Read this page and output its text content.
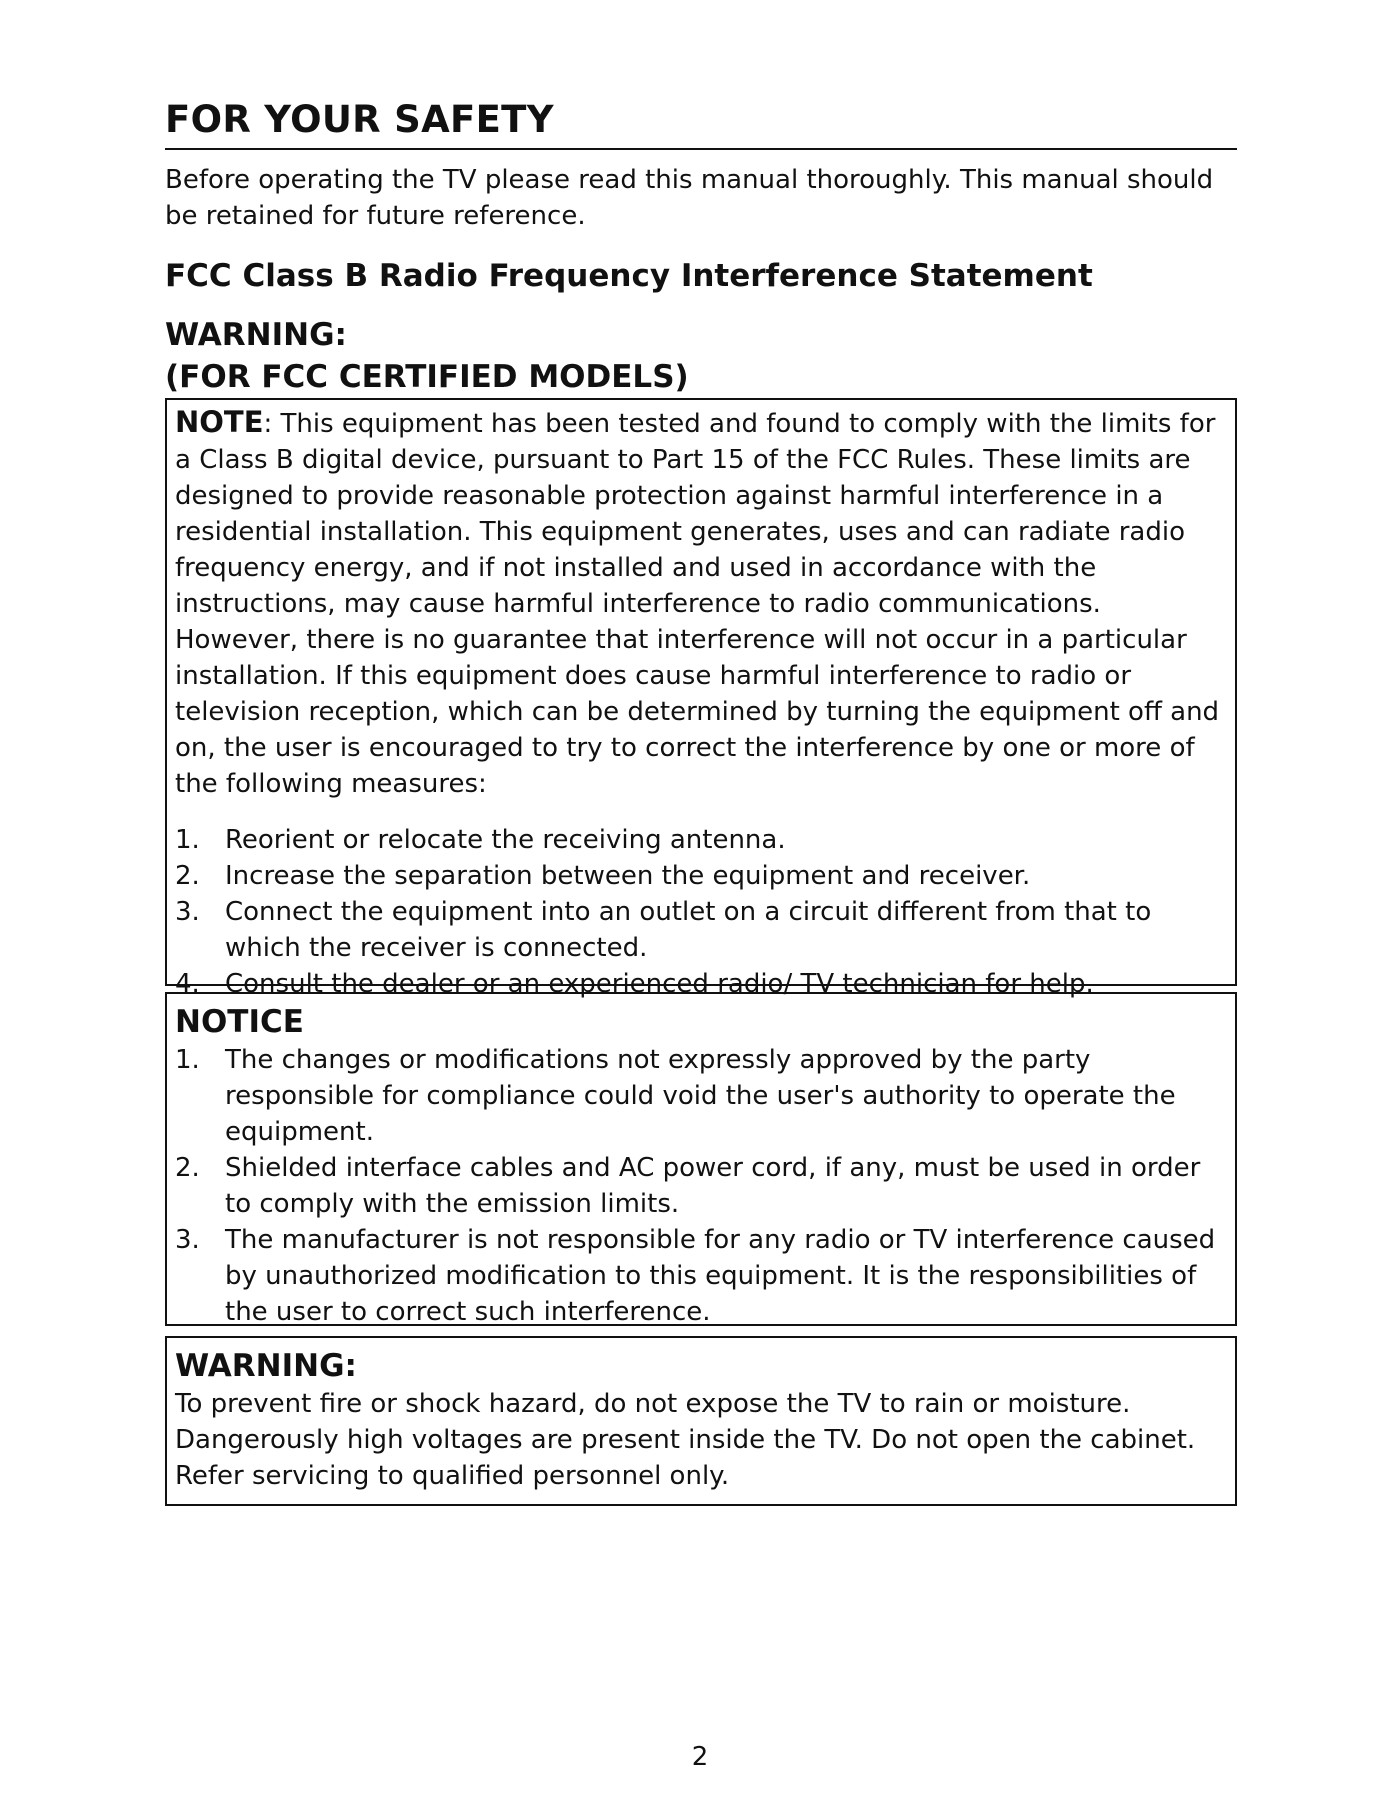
FOR YOUR SAFETY

Before operating the TV please read this manual thoroughly. This manual should be retained for future reference.

FCC Class B Radio Frequency Interference Statement
WARNING:
(FOR FCC CERTIFIED MODELS)

NOTE: This equipment has been tested and found to comply with the limits for a Class B digital device, pursuant to Part 15 of the FCC Rules. These limits are designed to provide reasonable protection against harmful interference in a residential installation. This equipment generates, uses and can radiate radio frequency energy, and if not installed and used in accordance with the instructions, may cause harmful interference to radio communications. However, there is no guarantee that interference will not occur in a particular installation. If this equipment does cause harmful interference to radio or television reception, which can be determined by turning the equipment off and on, the user is encouraged to try to correct the interference by one or more of the following measures:

1. Reorient or relocate the receiving antenna.
2. Increase the separation between the equipment and receiver.
3. Connect the equipment into an outlet on a circuit different from that to which the receiver is connected.
4. Consult the dealer or an experienced radio/ TV technician for help.
NOTICE
1. The changes or modifications not expressly approved by the party responsible for compliance could void the user's authority to operate the equipment.
2. Shielded interface cables and AC power cord, if any, must be used in order to comply with the emission limits.
3. The manufacturer is not responsible for any radio or TV interference caused by unauthorized modification to this equipment. It is the responsibilities of the user to correct such interference.
WARNING:

To prevent fire or shock hazard, do not expose the TV to rain or moisture. Dangerously high voltages are present inside the TV. Do not open the cabinet. Refer servicing to qualified personnel only.

2
